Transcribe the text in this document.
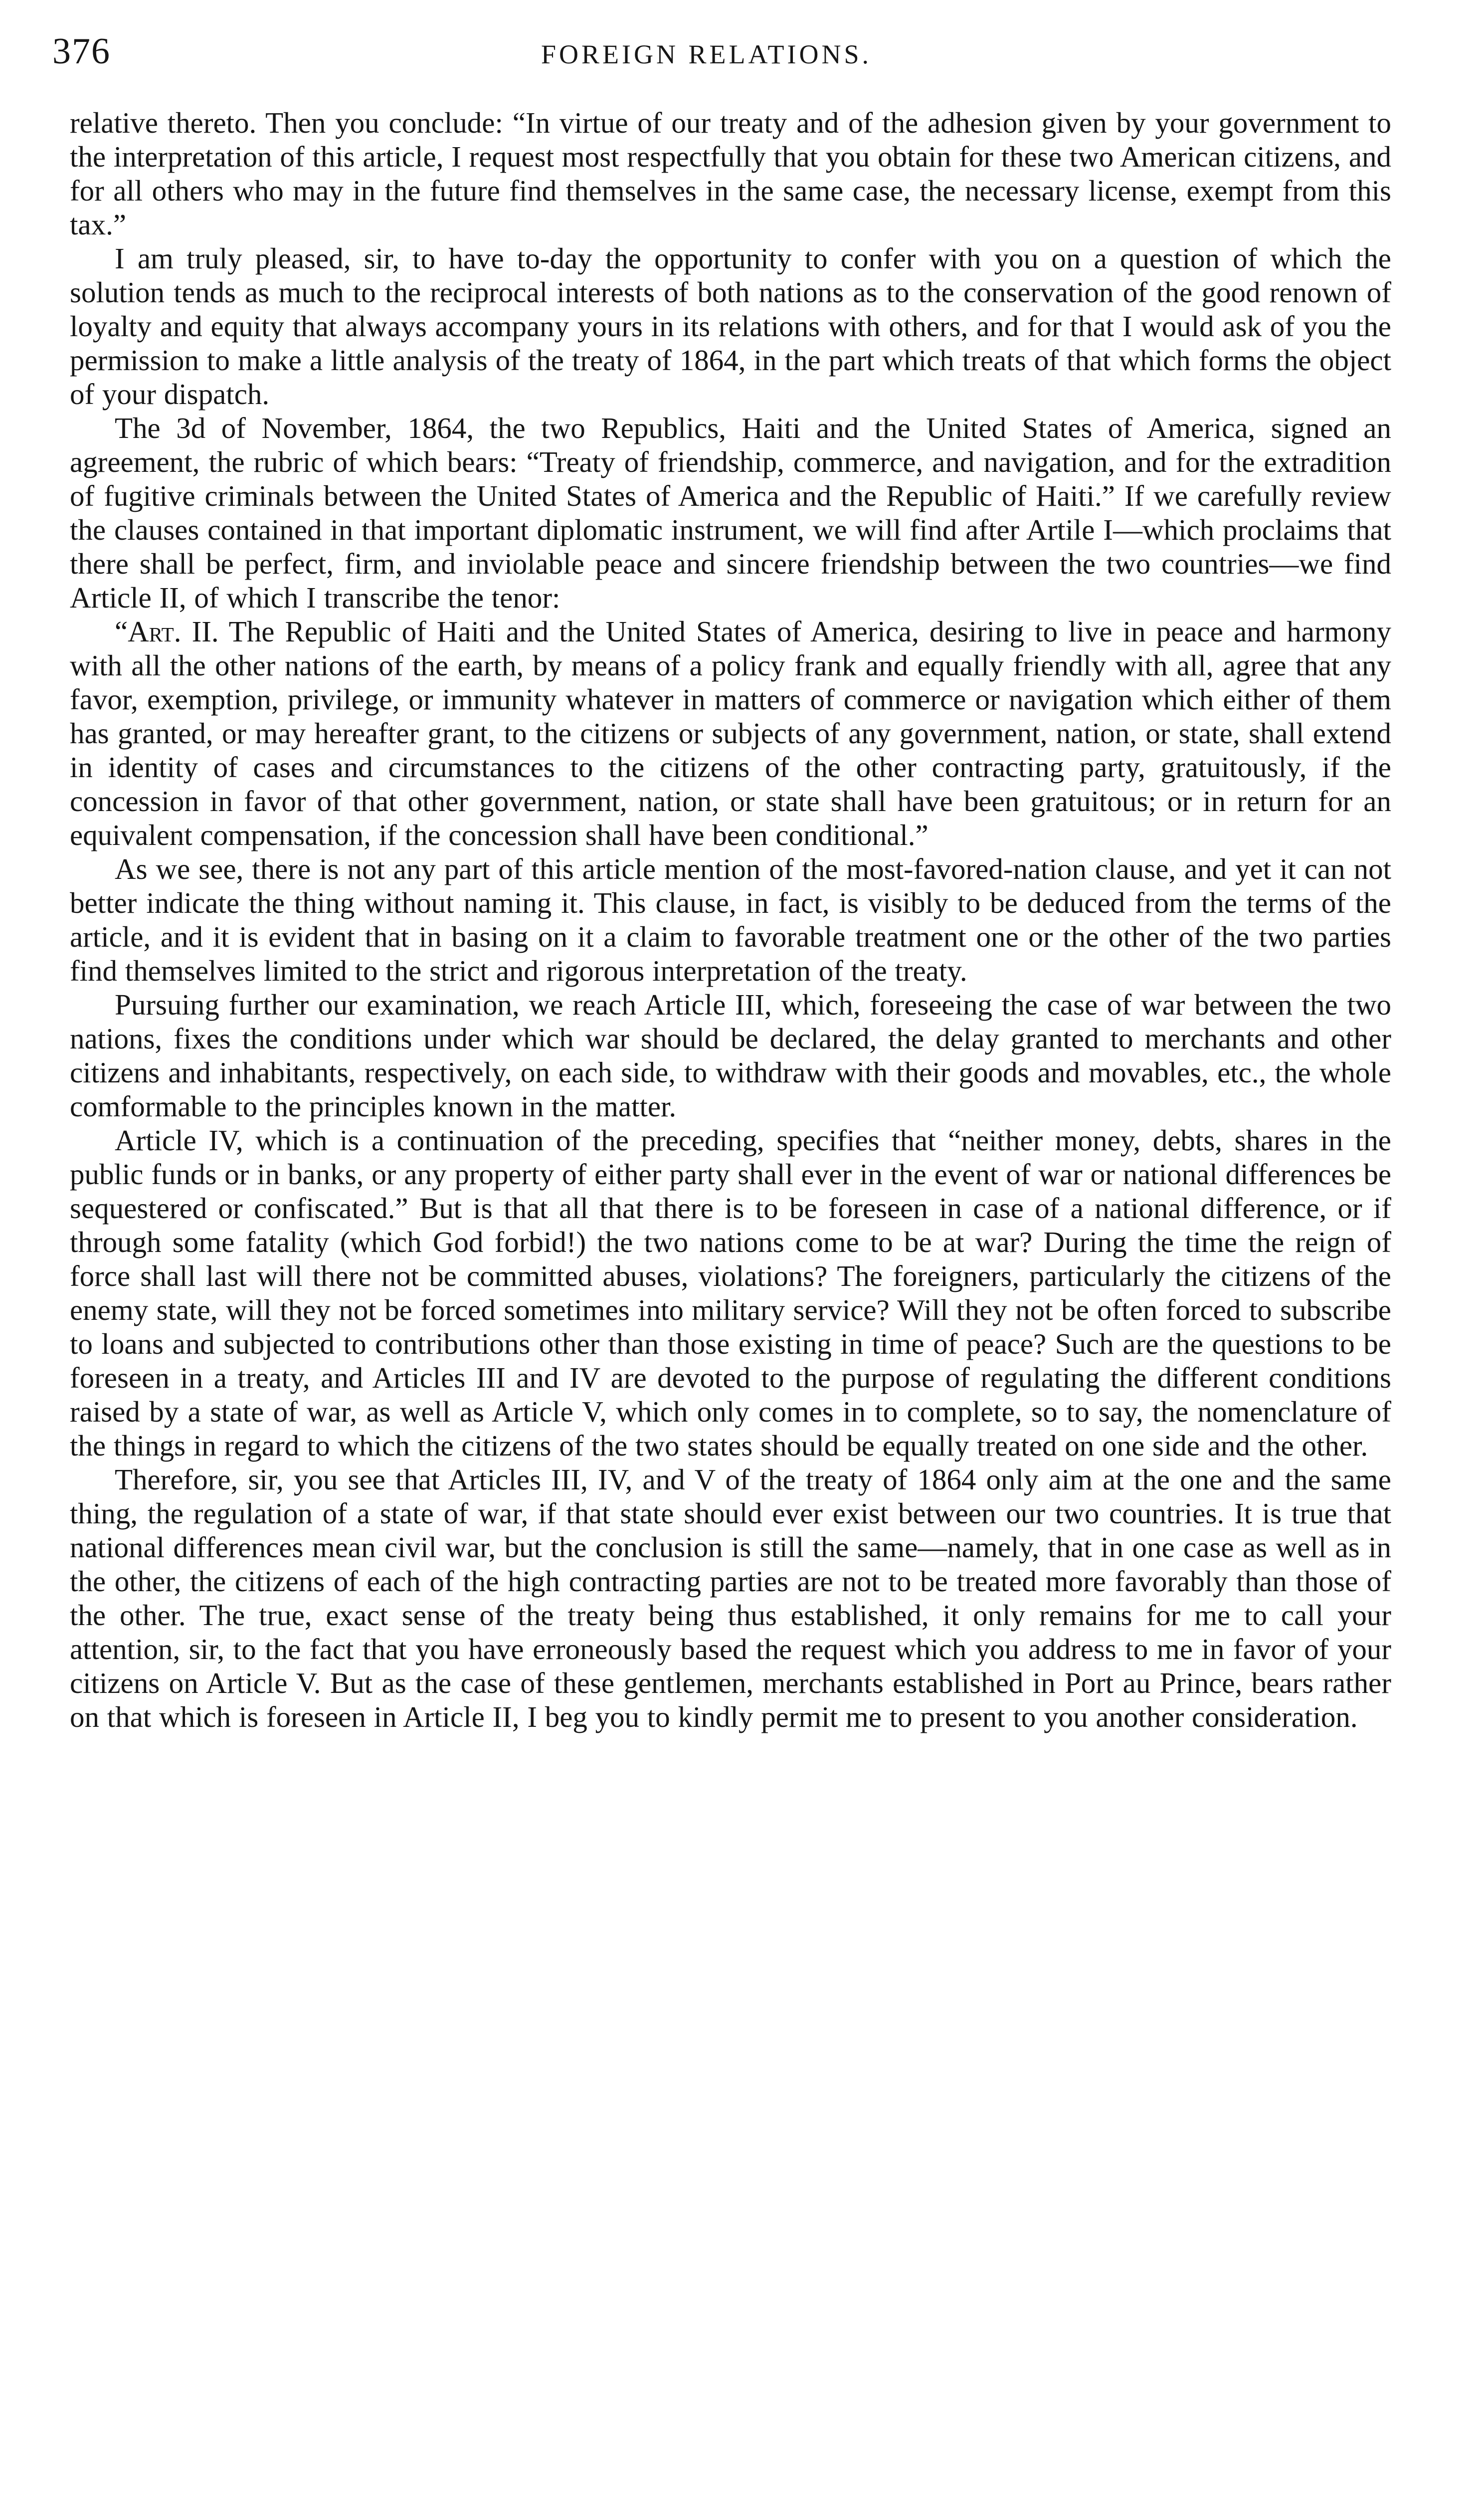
376	FOREIGN RELATIONS.

relative thereto. Then you conclude: “In virtue of our treaty and of the adhesion given by your government to the interpretation of this article, I request most respectfully that you obtain for these two American citizens, and for all others who may in the future find themselves in the same case, the necessary license, exempt from this tax.”

I am truly pleased, sir, to have to-day the opportunity to confer with you on a question of which the solution tends as much to the reciprocal interests of both nations as to the conservation of the good renown of loyalty and equity that always accompany yours in its relations with others, and for that I would ask of you the permission to make a little analysis of the treaty of 1864, in the part which treats of that which forms the object of your dispatch.

The 3d of November, 1864, the two Republics, Haiti and the United States of America, signed an agreement, the rubric of which bears: “Treaty of friendship, commerce, and navigation, and for the extradition of fugitive criminals between the United States of America and the Republic of Haiti.” If we carefully review the clauses contained in that important diplomatic instrument, we will find after Artile I—which proclaims that there shall be perfect, firm, and inviolable peace and sincere friendship between the two countries—we find Article II, of which I transcribe the tenor:

“Art. II. The Republic of Haiti and the United States of America, desiring to live in peace and harmony with all the other nations of the earth, by means of a policy frank and equally friendly with all, agree that any favor, exemption, privilege, or immunity whatever in matters of commerce or navigation which either of them has granted, or may hereafter grant, to the citizens or subjects of any government, nation, or state, shall extend in identity of cases and circumstances to the citizens of the other contracting party, gratuitously, if the concession in favor of that other government, nation, or state shall have been gratuitous; or in return for an equivalent compensation, if the concession shall have been conditional.”

As we see, there is not any part of this article mention of the most-favored-nation clause, and yet it can not better indicate the thing without naming it. This clause, in fact, is visibly to be deduced from the terms of the article, and it is evident that in basing on it a claim to favorable treatment one or the other of the two parties find themselves limited to the strict and rigorous interpretation of the treaty.

Pursuing further our examination, we reach Article III, which, foreseeing the case of war between the two nations, fixes the conditions under which war should be declared, the delay granted to merchants and other citizens and inhabitants, respectively, on each side, to withdraw with their goods and movables, etc., the whole comformable to the principles known in the matter.

Article IV, which is a continuation of the preceding, specifies that “neither money, debts, shares in the public funds or in banks, or any property of either party shall ever in the event of war or national differences be sequestered or confiscated.” But is that all that there is to be foreseen in case of a national difference, or if through some fatality (which God forbid!) the two nations come to be at war? During the time the reign of force shall last will there not be committed abuses, violations? The foreigners, particularly the citizens of the enemy state, will they not be forced sometimes into military service? Will they not be often forced to subscribe to loans and subjected to contributions other than those existing in time of peace? Such are the questions to be foreseen in a treaty, and Articles III and IV are devoted to the purpose of regulating the different conditions raised by a state of war, as well as Article V, which only comes in to complete, so to say, the nomenclature of the things in regard to which the citizens of the two states should be equally treated on one side and the other.

Therefore, sir, you see that Articles III, IV, and V of the treaty of 1864 only aim at the one and the same thing, the regulation of a state of war, if that state should ever exist between our two countries. It is true that national differences mean civil war, but the conclusion is still the same—namely, that in one case as well as in the other, the citizens of each of the high contracting parties are not to be treated more favorably than those of the other. The true, exact sense of the treaty being thus established, it only remains for me to call your attention, sir, to the fact that you have erroneously based the request which you address to me in favor of your citizens on Article V. But as the case of these gentlemen, merchants established in Port au Prince, bears rather on that which is foreseen in Article II, I beg you to kindly permit me to present to you another consideration.
